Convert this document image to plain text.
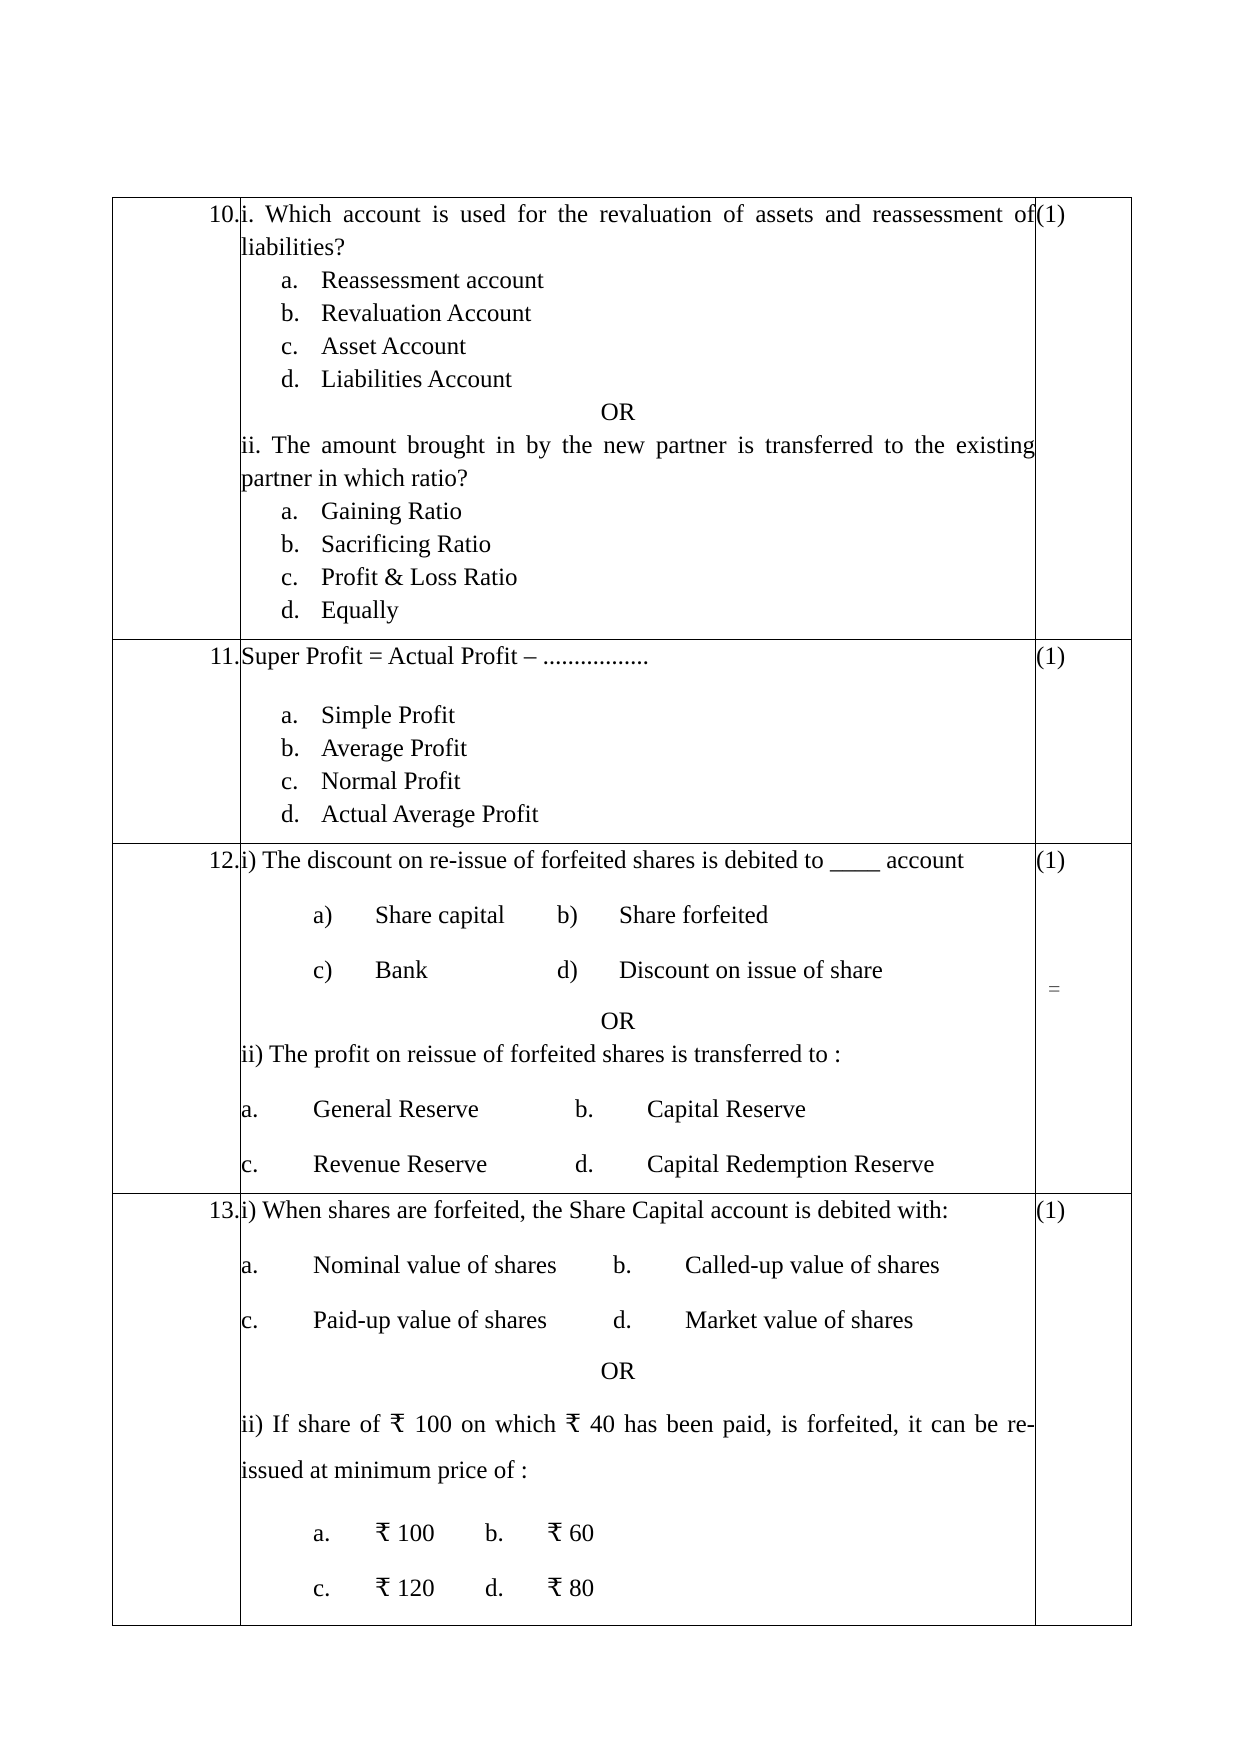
10.	i. Which account is used for the revaluation of assets and reassessment of liabilities?

a. Reassessment account
b. Revaluation Account
c. Asset Account
d. Liabilities Account

OR

ii. The amount brought in by the new partner is transferred to the existing partner in which ratio?

a. Gaining Ratio
b. Sacrificing Ratio
c. Profit & Loss Ratio
d. Equally
	(1)
11.	Super Profit = Actual Profit – .................

a. Simple Profit
b. Average Profit
c. Normal Profit
d. Actual Average Profit
	(1)
12.	i) The discount on re-issue of forfeited shares is debited to ____ account

a) Share capital b) Share forfeited

c) Bank	d) Discount on issue of share

OR

ii) The profit on reissue of forfeited shares is transferred to :

a. General Reserve	b. Capital Reserve

c. Revenue Reserve	d. Capital Redemption Reserve

	(1)
=

13.	i) When shares are forfeited, the Share Capital account is debited with:

a. Nominal value of shares b. Called-up value of shares

c. Paid-up value of shares	d. Market value of shares

OR

ii) If share of ₹ 100 on which ₹ 40 has been paid, is forfeited, it can be re-issued at minimum price of :

a. ₹ 100 b. ₹ 60

c. ₹ 120 d. ₹ 80

	(1)
